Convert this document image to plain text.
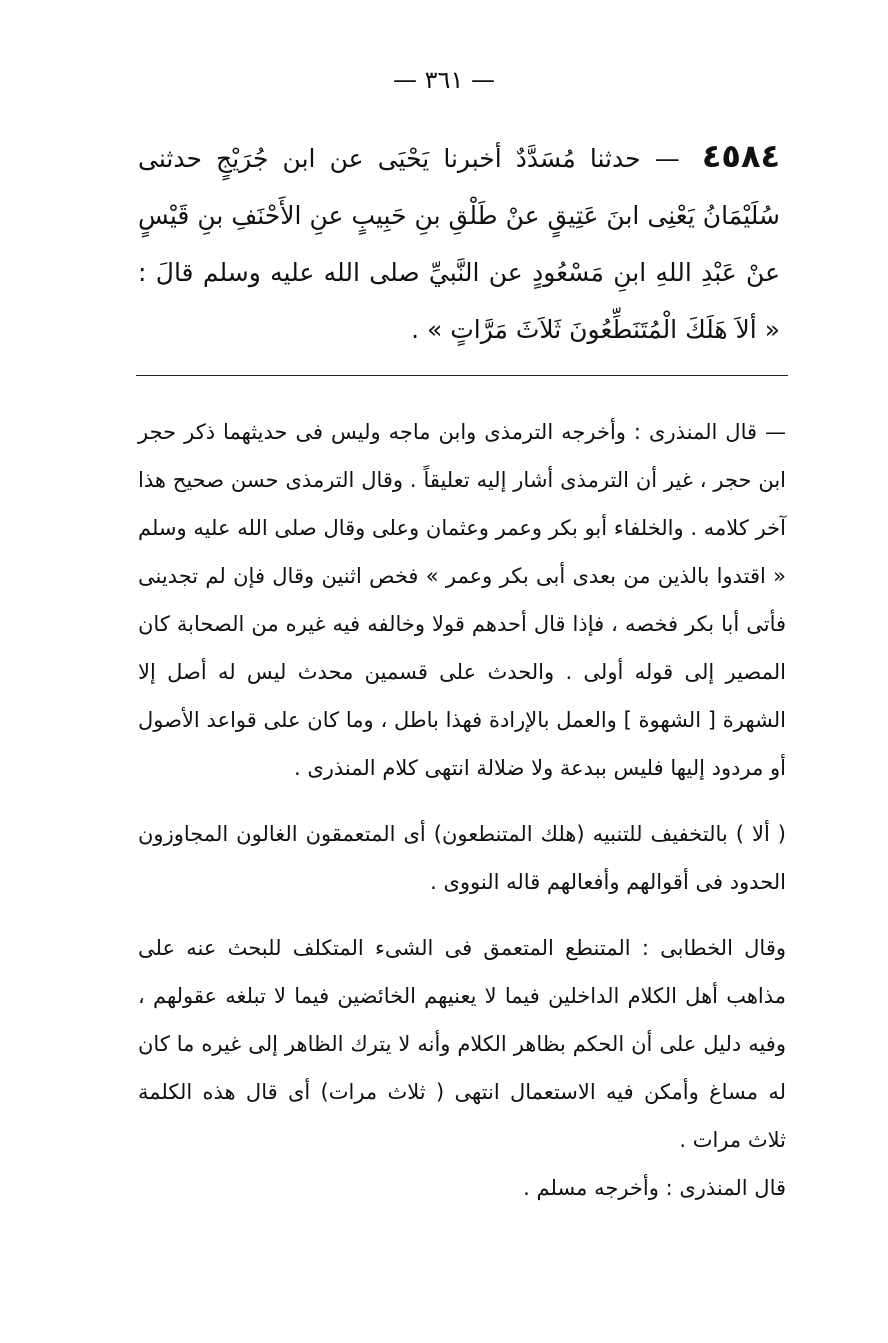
— ٣٦١ —
٤٥٨٤ — حدثنا مُسَدَّدٌ أخبرنا يَحْيَى عن ابن جُرَيْجٍ حدثنى سُلَيْمَانُ يَعْنِى ابنَ عَتِيقٍ عنْ طَلْقِ بنِ حَبِيبٍ عنِ الأَحْنَفِ بنِ قَيْسٍ عنْ عَبْدِ اللهِ ابنِ مَسْعُودٍ عن النَّبيِّ صلى الله عليه وسلم قالَ : « ألاَ هَلَكَ الْمُتَنَطِّعُونَ ثَلاَثَ مَرَّاتٍ » .

— قال المنذرى : وأخرجه الترمذى وابن ماجه وليس فى حديثهما ذكر حجر ابن حجر ، غير أن الترمذى أشار إليه تعليقاً . وقال الترمذى حسن صحيح هذا آخر كلامه . والخلفاء أبو بكر وعمر وعثمان وعلى وقال صلى الله عليه وسلم « اقتدوا بالذين من بعدى أبى بكر وعمر » فخص اثنين وقال فإن لم تجدينى فأتى أبا بكر فخصه ، فإذا قال أحدهم قولا وخالفه فيه غيره من الصحابة كان المصير إلى قوله أولى . والحدث على قسمين محدث ليس له أصل إلا الشهرة [ الشهوة ] والعمل بالإرادة فهذا باطل ، وما كان على قواعد الأصول أو مردود إليها فليس ببدعة ولا ضلالة انتهى كلام المنذرى .

( ألا ) بالتخفيف للتنبيه (هلك المتنطعون) أى المتعمقون الغالون المجاوزون الحدود فى أقوالهم وأفعالهم قاله النووى .

وقال الخطابى : المتنطع المتعمق فى الشىء المتكلف للبحث عنه على مذاهب أهل الكلام الداخلين فيما لا يعنيهم الخائضين فيما لا تبلغه عقولهم ، وفيه دليل على أن الحكم بظاهر الكلام وأنه لا يترك الظاهر إلى غيره ما كان له مساغ وأمكن فيه الاستعمال انتهى ( ثلاث مرات) أى قال هذه الكلمة ثلاث مرات .

قال المنذرى : وأخرجه مسلم .
